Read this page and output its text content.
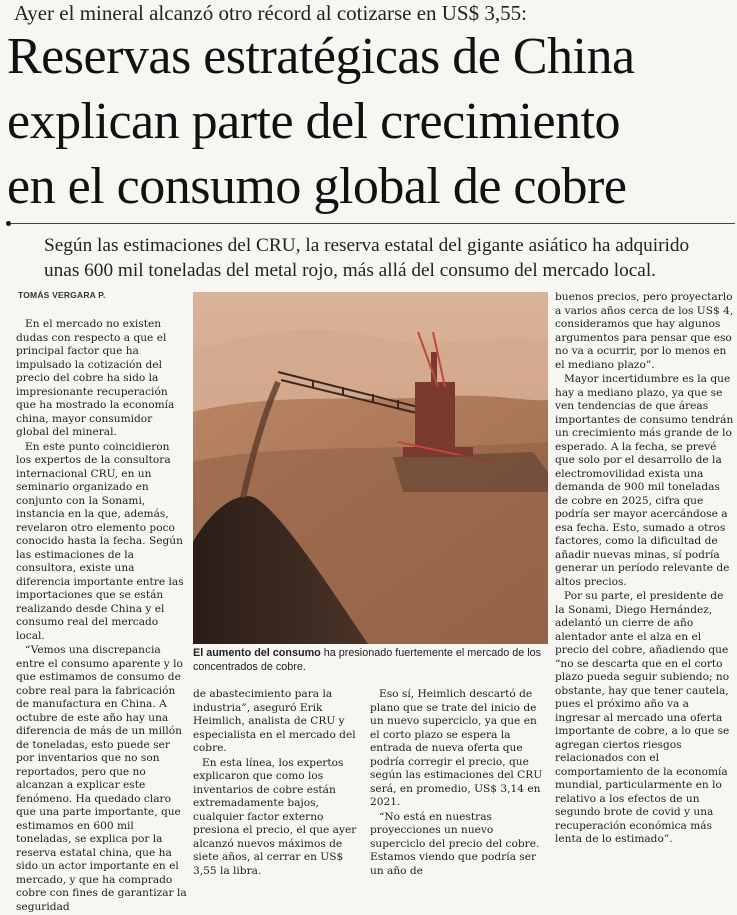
Ayer el mineral alcanzó otro récord al cotizarse en US$ 3,55:
Reservas estratégicas de China
explican parte del crecimiento
en el consumo global de cobre
Según las estimaciones del CRU, la reserva estatal del gigante asiático ha adquirido
unas 600 mil toneladas del metal rojo, más allá del consumo del mercado local.
TOMÁS VERGARA P.

En el mercado no existen dudas con respecto a que el principal factor que ha impulsado la cotización del precio del cobre ha sido la impresionante recuperación que ha mostrado la economía china, mayor consumidor global del mineral.

En este punto coincidieron los expertos de la consultora internacional CRU, en un seminario organizado en conjunto con la Sonami, instancia en la que, además, revelaron otro elemento poco conocido hasta la fecha. Según las estimaciones de la consultora, existe una diferencia importante entre las importaciones que se están realizando desde China y el consumo real del mercado local.

“Vemos una discrepancia entre el consumo aparente y lo que estimamos de consumo de cobre real para la fabricación de manufactura en China. A octubre de este año hay una diferencia de más de un millón de toneladas, esto puede ser por inventarios que no son reportados, pero que no alcanzan a explicar este fenómeno. Ha quedado claro que una parte importante, que estimamos en 600 mil toneladas, se explica por la reserva estatal china, que ha sido un actor importante en el mercado, y que ha comprado cobre con fines de garantizar la seguridad

El aumento del consumo ha presionado fuertemente el mercado de los concentrados de cobre.

de abastecimiento para la industria”, aseguró Erik Heimlich, analista de CRU y especialista en el mercado del cobre.

En esta línea, los expertos explicaron que como los inventarios de cobre están extremadamente bajos, cualquier factor externo presiona el precio, el que ayer alcanzó nuevos máximos de siete años, al cerrar en US$ 3,55 la libra.

Eso sí, Heimlich descartó de plano que se trate del inicio de un nuevo superciclo, ya que en el corto plazo se espera la entrada de nueva oferta que podría corregir el precio, que según las estimaciones del CRU será, en promedio, US$ 3,14 en 2021.

“No está en nuestras proyecciones un nuevo superciclo del precio del cobre. Estamos viendo que podría ser un año de

buenos precios, pero proyectarlo a varios años cerca de los US$ 4, consideramos que hay algunos argumentos para pensar que eso no va a ocurrir, por lo menos en el mediano plazo”.

Mayor incertidumbre es la que hay a mediano plazo, ya que se ven tendencias de que áreas importantes de consumo tendrán un crecimiento más grande de lo esperado. A la fecha, se prevé que solo por el desarrollo de la electromovilidad exista una demanda de 900 mil toneladas de cobre en 2025, cifra que podría ser mayor acercándose a esa fecha. Esto, sumado a otros factores, como la dificultad de añadir nuevas minas, sí podría generar un período relevante de altos precios.

Por su parte, el presidente de la Sonami, Diego Hernández, adelantó un cierre de año alentador ante el alza en el precio del cobre, añadiendo que “no se descarta que en el corto plazo pueda seguir subiendo; no obstante, hay que tener cautela, pues el próximo año va a ingresar al mercado una oferta importante de cobre, a lo que se agregan ciertos riesgos relacionados con el comportamiento de la economía mundial, particularmente en lo relativo a los efectos de un segundo brote de covid y una recuperación económica más lenta de lo estimado”.
